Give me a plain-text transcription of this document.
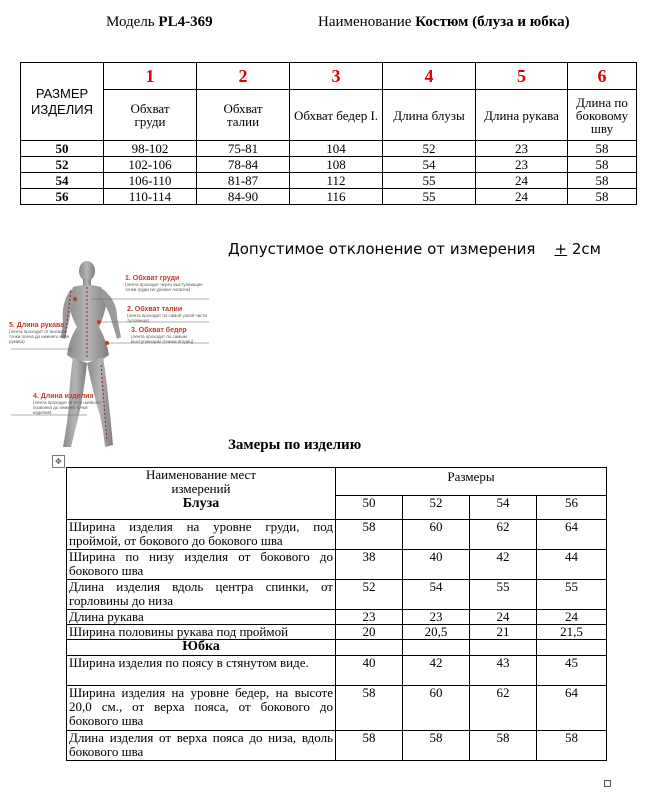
Модель PL4-369	Наименование Костюм (блуза и юбка)
РАЗМЕР ИЗДЕЛИЯ	1	2	3	4	5	6
	Обхват груди	Обхват талии	Обхват бедер I.	Длина блузы	Длина рукава	Длина по боковому шву
50	98-102	75-81	104	52	23	58
52	102-106	78-84	108	54	23	58
54	106-110	81-87	112	55	24	58
56	110-114	84-90	116	55	24	58
Допустимое отклонение от измерения + 2см
1. Обхват груди
(лента проходит через выступающие точки груди на уровне лопаток)
2. Обхват талии
(лента проходит по самой узкой части туловища)
3. Обхват бедер
(лента проходит по самым выступающим точкам ягодиц)
5. Длина рукава
(лента проходит от высшей точки плеча до нижнего края рукава)
4. Длина изделия
(лента проходит от 8-го шейного позвонка до нижней точки изделия)
Замеры по изделию
✥
Наименование мест измерений
Блуза	Размеры			
	50	52	54	56
Ширина изделия на уровне груди, под проймой, от бокового до бокового шва	58	60	62	64
Ширина по низу изделия от бокового до бокового шва	38	40	42	44
Длина изделия вдоль центра спинки, от горловины до низа	52	54	55	55
Длина рукава	23	23	24	24
Ширина половины рукава под проймой	20	20,5	21	21,5
Юбка				
Ширина изделия по поясу в стянутом виде.	40	42	43	45
Ширина изделия на уровне бедер, на высоте 20,0 см., от верха пояса, от бокового до бокового шва	58	60	62	64
Длина изделия от верха пояса до низа, вдоль бокового шва	58	58	58	58
